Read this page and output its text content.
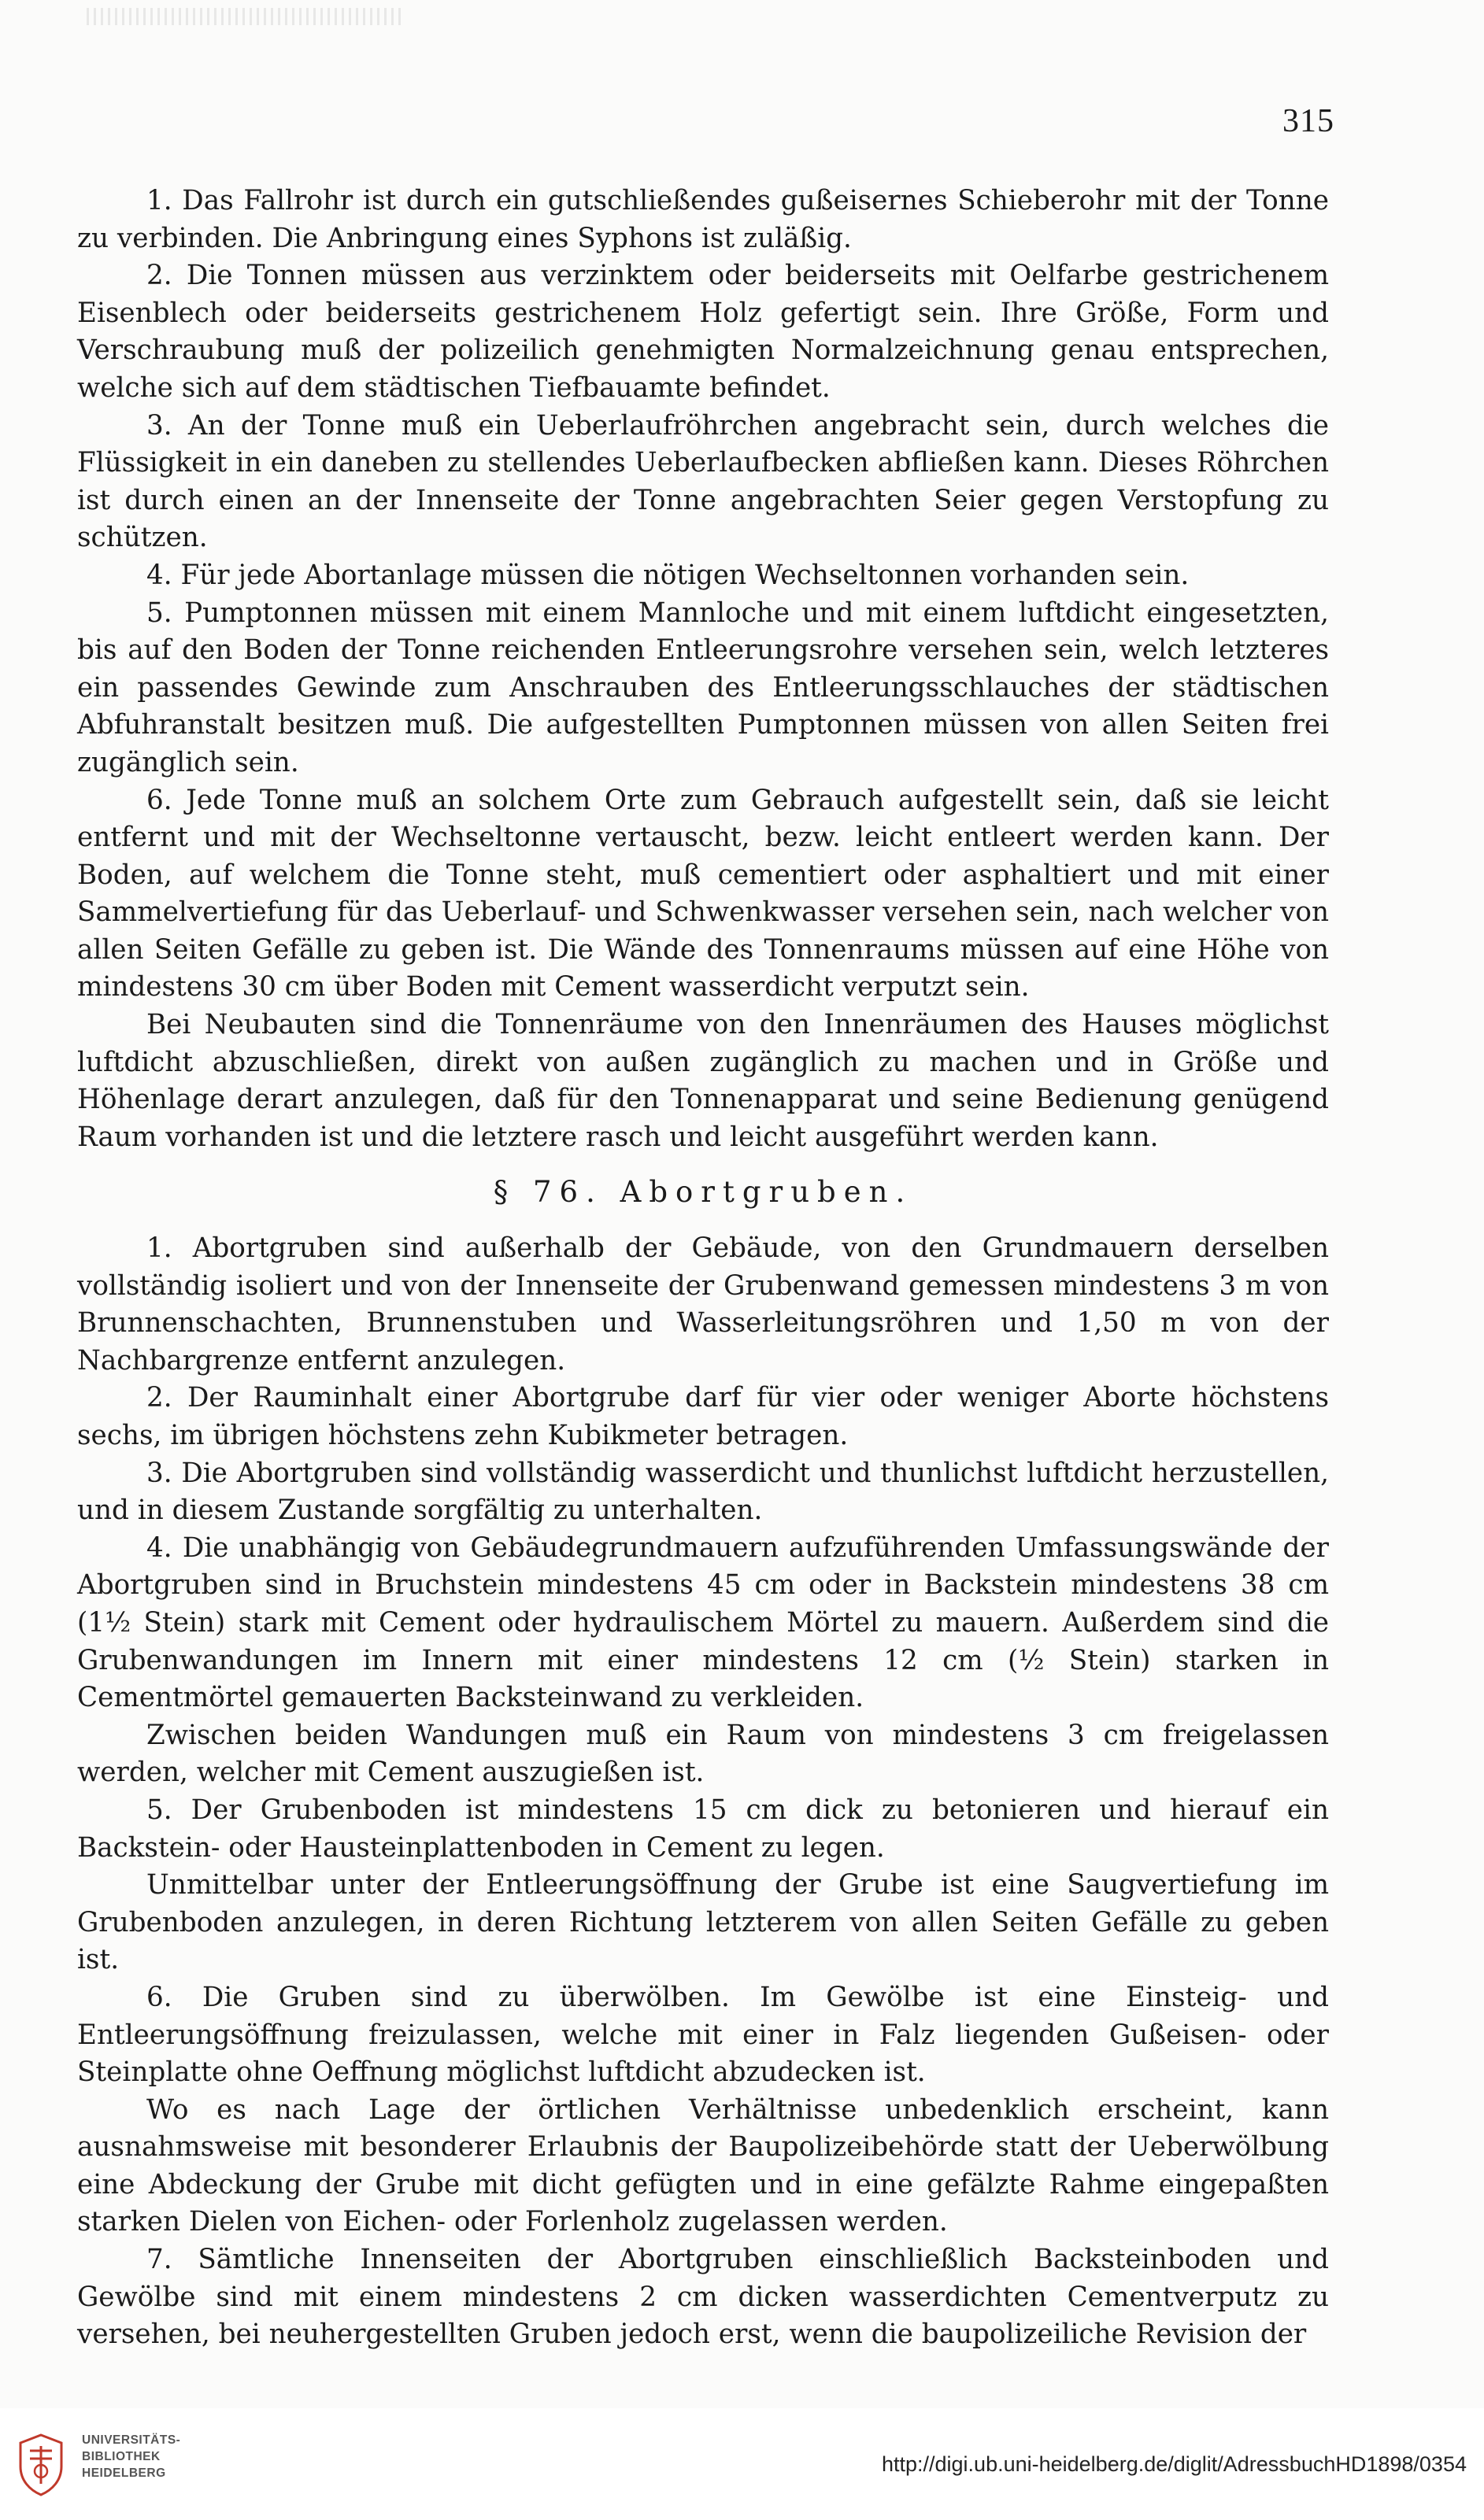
315

1. Das Fallrohr ist durch ein gutschließendes gußeisernes Schieberohr mit der Tonne zu verbinden. Die Anbringung eines Syphons ist zuläßig.

2. Die Tonnen müssen aus verzinktem oder beiderseits mit Oelfarbe gestrichenem Eisenblech oder beiderseits gestrichenem Holz gefertigt sein. Ihre Größe, Form und Verschraubung muß der polizeilich genehmigten Normalzeichnung genau entsprechen, welche sich auf dem städtischen Tiefbauamte befindet.

3. An der Tonne muß ein Ueberlaufröhrchen angebracht sein, durch welches die Flüssigkeit in ein daneben zu stellendes Ueberlaufbecken abfließen kann. Dieses Röhrchen ist durch einen an der Innenseite der Tonne angebrachten Seier gegen Verstopfung zu schützen.

4. Für jede Abortanlage müssen die nötigen Wechseltonnen vorhanden sein.

5. Pumptonnen müssen mit einem Mannloche und mit einem luftdicht eingesetzten, bis auf den Boden der Tonne reichenden Entleerungsrohre versehen sein, welch letzteres ein passendes Gewinde zum Anschrauben des Entleerungsschlauches der städtischen Abfuhranstalt besitzen muß. Die aufgestellten Pumptonnen müssen von allen Seiten frei zugänglich sein.

6. Jede Tonne muß an solchem Orte zum Gebrauch aufgestellt sein, daß sie leicht entfernt und mit der Wechseltonne vertauscht, bezw. leicht entleert werden kann. Der Boden, auf welchem die Tonne steht, muß cementiert oder asphaltiert und mit einer Sammelvertiefung für das Ueberlauf- und Schwenkwasser versehen sein, nach welcher von allen Seiten Gefälle zu geben ist. Die Wände des Tonnenraums müssen auf eine Höhe von mindestens 30 cm über Boden mit Cement wasserdicht verputzt sein.

Bei Neubauten sind die Tonnenräume von den Innenräumen des Hauses möglichst luftdicht abzuschließen, direkt von außen zugänglich zu machen und in Größe und Höhenlage derart anzulegen, daß für den Tonnenapparat und seine Bedienung genügend Raum vorhanden ist und die letztere rasch und leicht ausgeführt werden kann.

§ 76. Abortgruben.

1. Abortgruben sind außerhalb der Gebäude, von den Grundmauern derselben vollständig isoliert und von der Innenseite der Grubenwand gemessen mindestens 3 m von Brunnenschachten, Brunnenstuben und Wasserleitungsröhren und 1,50 m von der Nachbargrenze entfernt anzulegen.

2. Der Rauminhalt einer Abortgrube darf für vier oder weniger Aborte höchstens sechs, im übrigen höchstens zehn Kubikmeter betragen.

3. Die Abortgruben sind vollständig wasserdicht und thunlichst luftdicht herzustellen, und in diesem Zustande sorgfältig zu unterhalten.

4. Die unabhängig von Gebäudegrundmauern aufzuführenden Umfassungswände der Abortgruben sind in Bruchstein mindestens 45 cm oder in Backstein mindestens 38 cm (1½ Stein) stark mit Cement oder hydraulischem Mörtel zu mauern. Außerdem sind die Grubenwandungen im Innern mit einer mindestens 12 cm (½ Stein) starken in Cementmörtel gemauerten Backsteinwand zu verkleiden.

Zwischen beiden Wandungen muß ein Raum von mindestens 3 cm freigelassen werden, welcher mit Cement auszugießen ist.

5. Der Grubenboden ist mindestens 15 cm dick zu betonieren und hierauf ein Backstein- oder Hausteinplattenboden in Cement zu legen.

Unmittelbar unter der Entleerungsöffnung der Grube ist eine Saugvertiefung im Grubenboden anzulegen, in deren Richtung letzterem von allen Seiten Gefälle zu geben ist.

6. Die Gruben sind zu überwölben. Im Gewölbe ist eine Einsteig- und Entleerungsöffnung freizulassen, welche mit einer in Falz liegenden Gußeisen- oder Steinplatte ohne Oeffnung möglichst luftdicht abzudecken ist.

Wo es nach Lage der örtlichen Verhältnisse unbedenklich erscheint, kann ausnahmsweise mit besonderer Erlaubnis der Baupolizeibehörde statt der Ueberwölbung eine Abdeckung der Grube mit dicht gefügten und in eine gefälzte Rahme eingepaßten starken Dielen von Eichen- oder Forlenholz zugelassen werden.

7. Sämtliche Innenseiten der Abortgruben einschließlich Backsteinboden und Gewölbe sind mit einem mindestens 2 cm dicken wasserdichten Cementverputz zu versehen, bei neuhergestellten Gruben jedoch erst, wenn die baupolizeiliche Revision der

UNIVERSITÄTS-
BIBLIOTHEK
HEIDELBERG	http://digi.ub.uni-heidelberg.de/diglit/AdressbuchHD1898/0354
